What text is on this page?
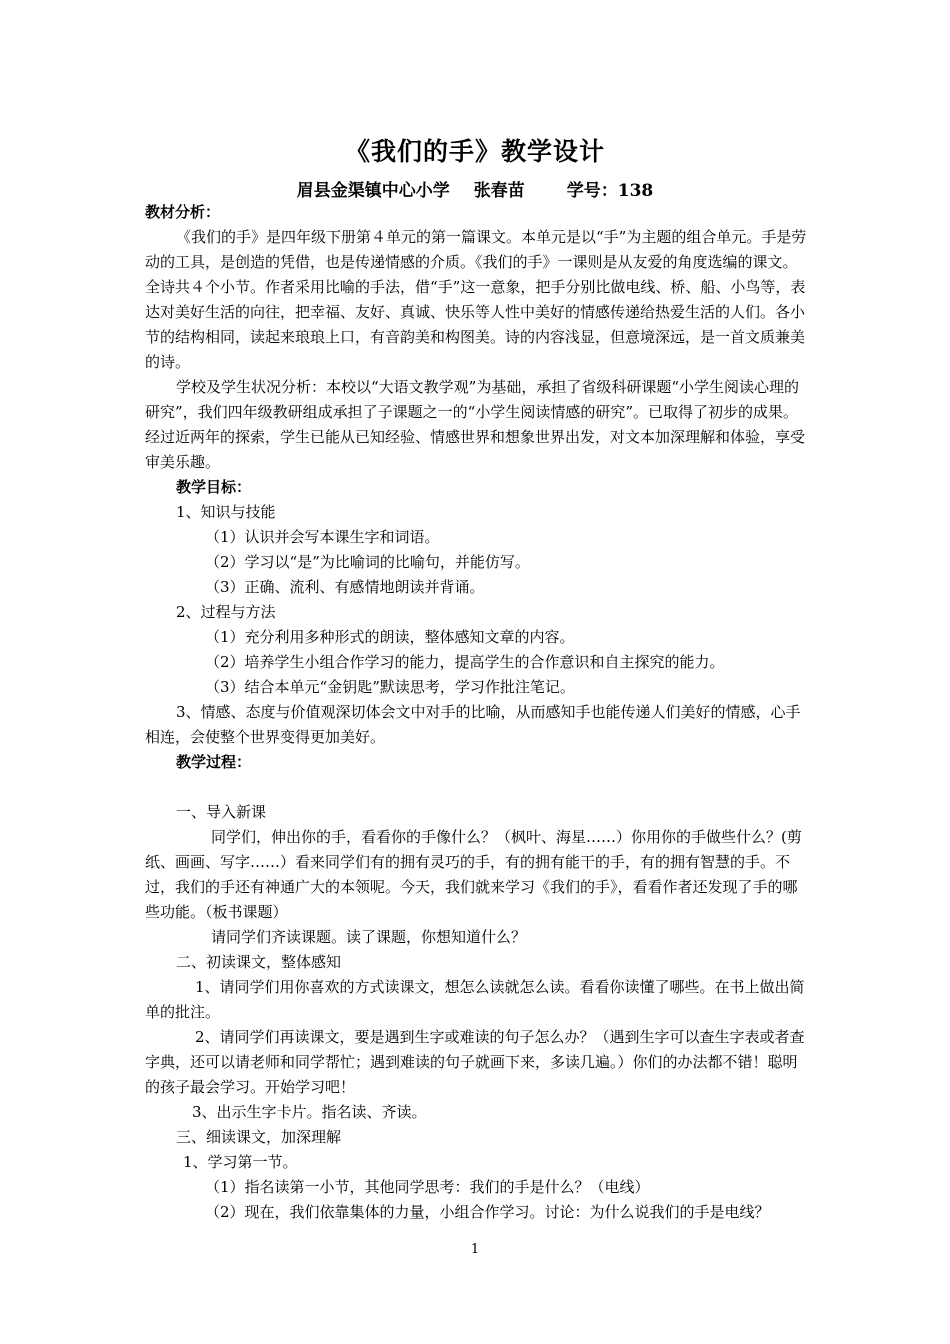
《我们的手》教学设计
眉县金渠镇中心小学 张春苗 学号：138

教材分析：

《我们的手》是四年级下册第４单元的第一篇课文。本单元是以“手”为主题的组合单元。手是劳动的工具，是创造的凭借，也是传递情感的介质。《我们的手》一课则是从友爱的角度选编的课文。全诗共４个小节。作者采用比喻的手法，借“手”这一意象，把手分别比做电线、桥、船、小鸟等，表达对美好生活的向往，把幸福、友好、真诚、快乐等人性中美好的情感传递给热爱生活的人们。各小节的结构相同，读起来琅琅上口，有音韵美和构图美。诗的内容浅显，但意境深远，是一首文质兼美的诗。

学校及学生状况分析：本校以“大语文教学观”为基础，承担了省级科研课题“小学生阅读心理的研究”，我们四年级教研组成承担了子课题之一的“小学生阅读情感的研究”。已取得了初步的成果。经过近两年的探索，学生已能从已知经验、情感世界和想象世界出发，对文本加深理解和体验，享受审美乐趣。

教学目标：

1、知识与技能

（1）认识并会写本课生字和词语。

（2）学习以“是”为比喻词的比喻句，并能仿写。

（3）正确、流利、有感情地朗读并背诵。

2、过程与方法

（1）充分利用多种形式的朗读，整体感知文章的内容。

（2）培养学生小组合作学习的能力，提高学生的合作意识和自主探究的能力。

（3）结合本单元“金钥匙”默读思考，学习作批注笔记。

3、情感、态度与价值观深切体会文中对手的比喻，从而感知手也能传递人们美好的情感，心手相连，会使整个世界变得更加美好。

教学过程：

一、导入新课

同学们，伸出你的手，看看你的手像什么？（枫叶、海星……）你用你的手做些什么？(剪纸、画画、写字……）看来同学们有的拥有灵巧的手，有的拥有能干的手，有的拥有智慧的手。不过，我们的手还有神通广大的本领呢。今天，我们就来学习《我们的手》，看看作者还发现了手的哪些功能。（板书课题）

请同学们齐读课题。读了课题，你想知道什么？

二、初读课文，整体感知

1、请同学们用你喜欢的方式读课文，想怎么读就怎么读。看看你读懂了哪些。在书上做出简单的批注。

2、请同学们再读课文，要是遇到生字或难读的句子怎么办？（遇到生字可以查生字表或者查字典，还可以请老师和同学帮忙；遇到难读的句子就画下来，多读几遍。）你们的办法都不错！聪明的孩子最会学习。开始学习吧！

3、出示生字卡片。指名读、齐读。

三、细读课文，加深理解

1、学习第一节。

（1）指名读第一小节，其他同学思考：我们的手是什么？（电线）

（2）现在，我们依靠集体的力量，小组合作学习。讨论：为什么说我们的手是电线？

1
